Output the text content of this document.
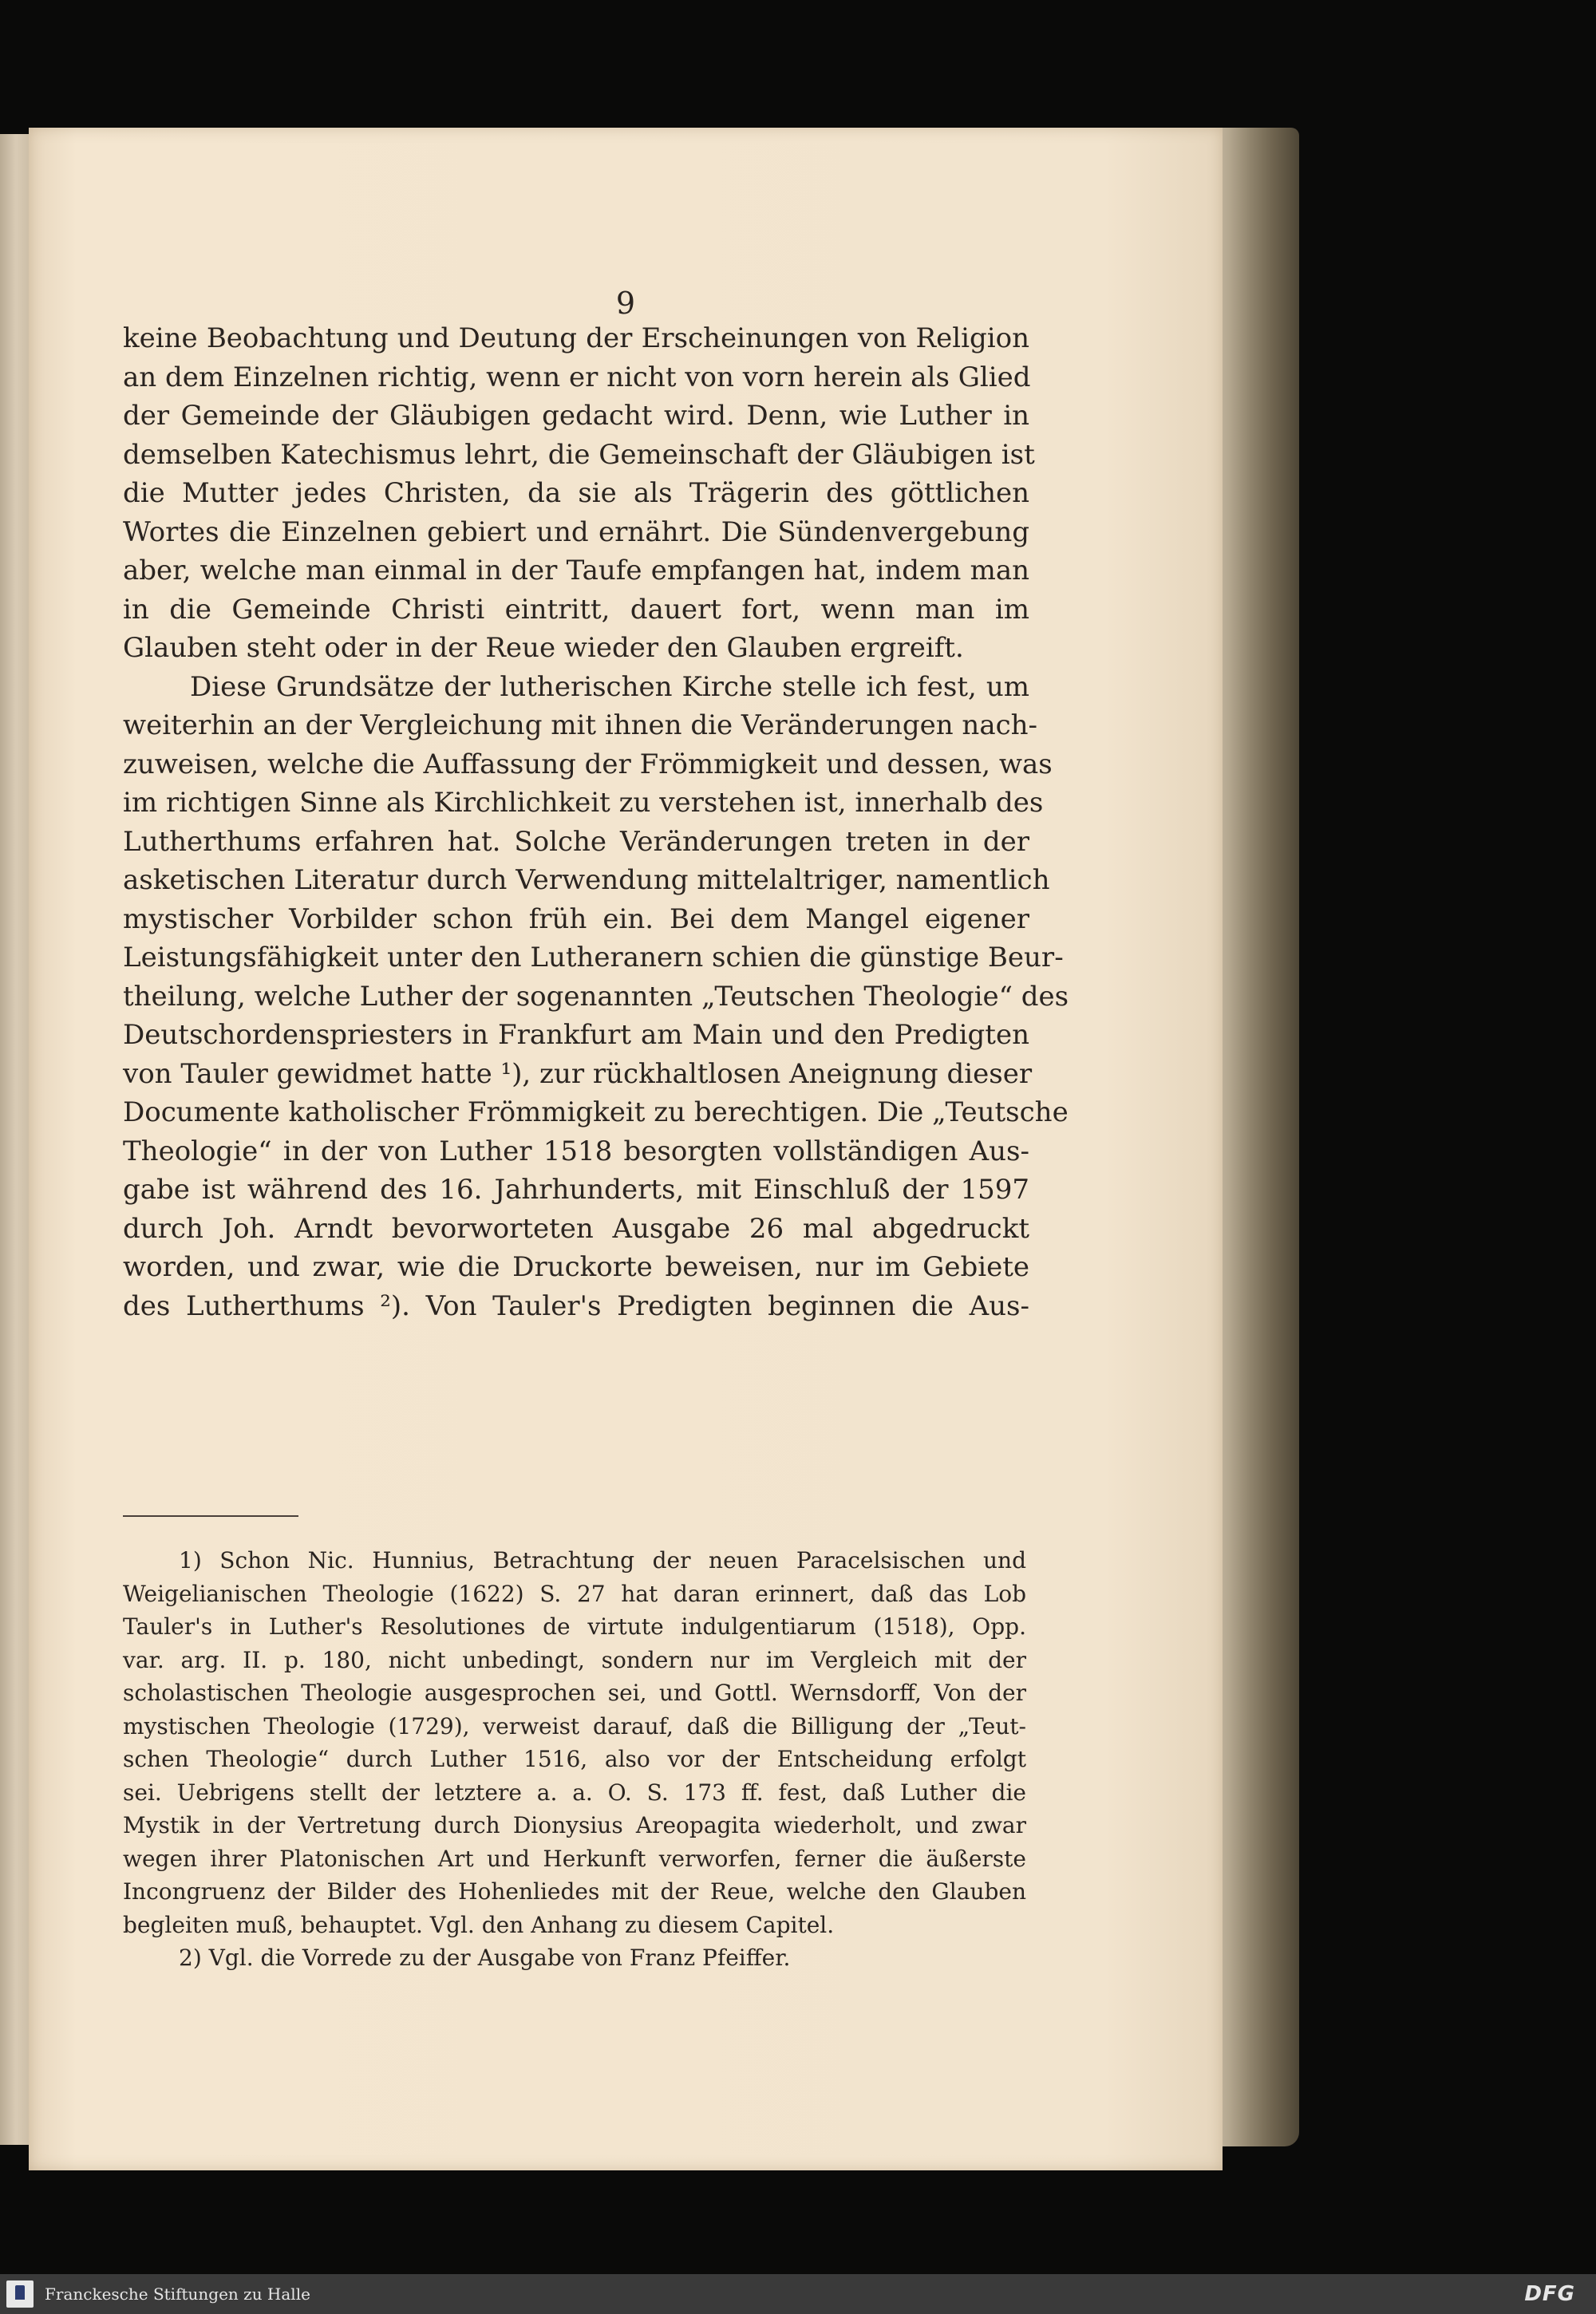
9
keine Beobachtung und Deutung der Erscheinungen von Religion
an dem Einzelnen richtig, wenn er nicht von vorn herein als Glied
der Gemeinde der Gläubigen gedacht wird. Denn, wie Luther in
demselben Katechismus lehrt, die Gemeinschaft der Gläubigen ist
die Mutter jedes Christen, da sie als Trägerin des göttlichen
Wortes die Einzelnen gebiert und ernährt. Die Sündenvergebung
aber, welche man einmal in der Taufe empfangen hat, indem man
in die Gemeinde Christi eintritt, dauert fort, wenn man im
Glauben steht oder in der Reue wieder den Glauben ergreift.
Diese Grundsätze der lutherischen Kirche stelle ich fest, um
weiterhin an der Vergleichung mit ihnen die Veränderungen nach-
zuweisen, welche die Auffassung der Frömmigkeit und dessen, was
im richtigen Sinne als Kirchlichkeit zu verstehen ist, innerhalb des
Lutherthums erfahren hat. Solche Veränderungen treten in der
asketischen Literatur durch Verwendung mittelaltriger, namentlich
mystischer Vorbilder schon früh ein. Bei dem Mangel eigener
Leistungsfähigkeit unter den Lutheranern schien die günstige Beur-
theilung, welche Luther der sogenannten „Teutschen Theologie“ des
Deutschordenspriesters in Frankfurt am Main und den Predigten
von Tauler gewidmet hatte ¹), zur rückhaltlosen Aneignung dieser
Documente katholischer Frömmigkeit zu berechtigen. Die „Teutsche
Theologie“ in der von Luther 1518 besorgten vollständigen Aus-
gabe ist während des 16. Jahrhunderts, mit Einschluß der 1597
durch Joh. Arndt bevorworteten Ausgabe 26 mal abgedruckt
worden, und zwar, wie die Druckorte beweisen, nur im Gebiete
des Lutherthums ²). Von Tauler's Predigten beginnen die Aus-
1) Schon Nic. Hunnius, Betrachtung der neuen Paracelsischen und
Weigelianischen Theologie (1622) S. 27 hat daran erinnert, daß das Lob
Tauler's in Luther's Resolutiones de virtute indulgentiarum (1518), Opp.
var. arg. II. p. 180, nicht unbedingt, sondern nur im Vergleich mit der
scholastischen Theologie ausgesprochen sei, und Gottl. Wernsdorff, Von der
mystischen Theologie (1729), verweist darauf, daß die Billigung der „Teut-
schen Theologie“ durch Luther 1516, also vor der Entscheidung erfolgt
sei. Uebrigens stellt der letztere a. a. O. S. 173 ff. fest, daß Luther die
Mystik in der Vertretung durch Dionysius Areopagita wiederholt, und zwar
wegen ihrer Platonischen Art und Herkunft verworfen, ferner die äußerste
Incongruenz der Bilder des Hohenliedes mit der Reue, welche den Glauben
begleiten muß, behauptet. Vgl. den Anhang zu diesem Capitel.
2) Vgl. die Vorrede zu der Ausgabe von Franz Pfeiffer.
Franckesche Stiftungen zu Halle	DFG
